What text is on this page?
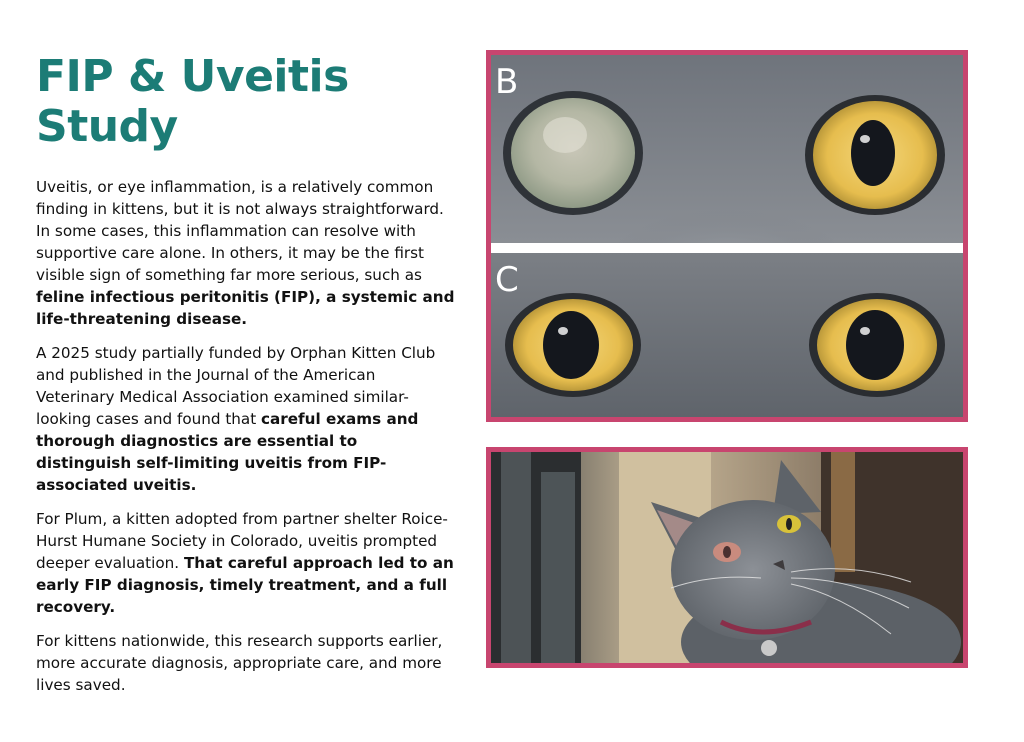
FIP & Uveitis Study

Uveitis, or eye inflammation, is a relatively common finding in kittens, but it is not always straightforward. In some cases, this inflammation can resolve with supportive care alone. In others, it may be the first visible sign of something far more serious, such as feline infectious peritonitis (FIP), a systemic and life-threatening disease.

A 2025 study partially funded by Orphan Kitten Club and published in the Journal of the American Veterinary Medical Association examined similar-looking cases and found that careful exams and thorough diagnostics are essential to distinguish self-limiting uveitis from FIP-associated uveitis.

For Plum, a kitten adopted from partner shelter Roice-Hurst Humane Society in Colorado, uveitis prompted deeper evaluation. That careful approach led to an early FIP diagnosis, timely treatment, and a full recovery.

For kittens nationwide, this research supports earlier, more accurate diagnosis, appropriate care, and more lives saved.

B
C
